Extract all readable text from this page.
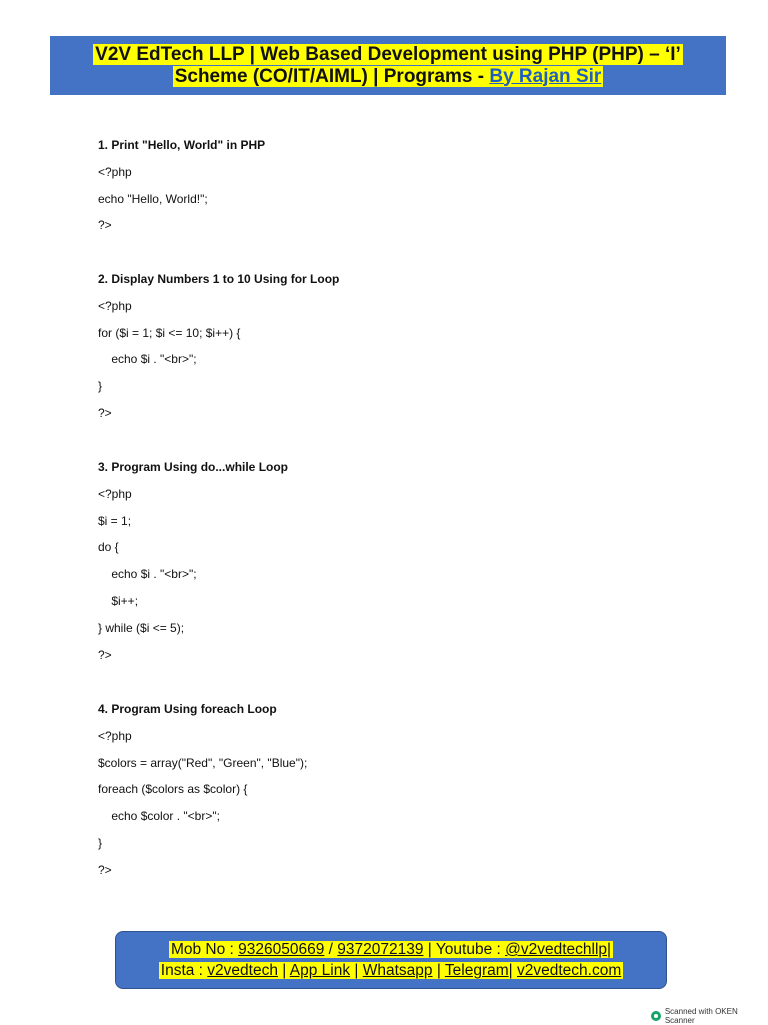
V2V EdTech LLP | Web Based Development using PHP (PHP) – ‘I’
Scheme (CO/IT/AIML) | Programs - By Rajan Sir
1. Print "Hello, World" in PHP
<?php
echo "Hello, World!";
?>
2. Display Numbers 1 to 10 Using for Loop
<?php
for ($i = 1; $i <= 10; $i++) {
echo $i . "<br>";
}
?>
3. Program Using do...while Loop
<?php
$i = 1;
do {
echo $i . "<br>";
$i++;
} while ($i <= 5);
?>
4. Program Using foreach Loop
<?php
$colors = array("Red", "Green", "Blue");
foreach ($colors as $color) {
echo $color . "<br>";
}
?>
Mob No : 9326050669 / 9372072139 | Youtube : @v2vedtechllp|
Insta : v2vedtech | App Link | Whatsapp | Telegram| v2vedtech.com
Scanned with OKEN Scanner
